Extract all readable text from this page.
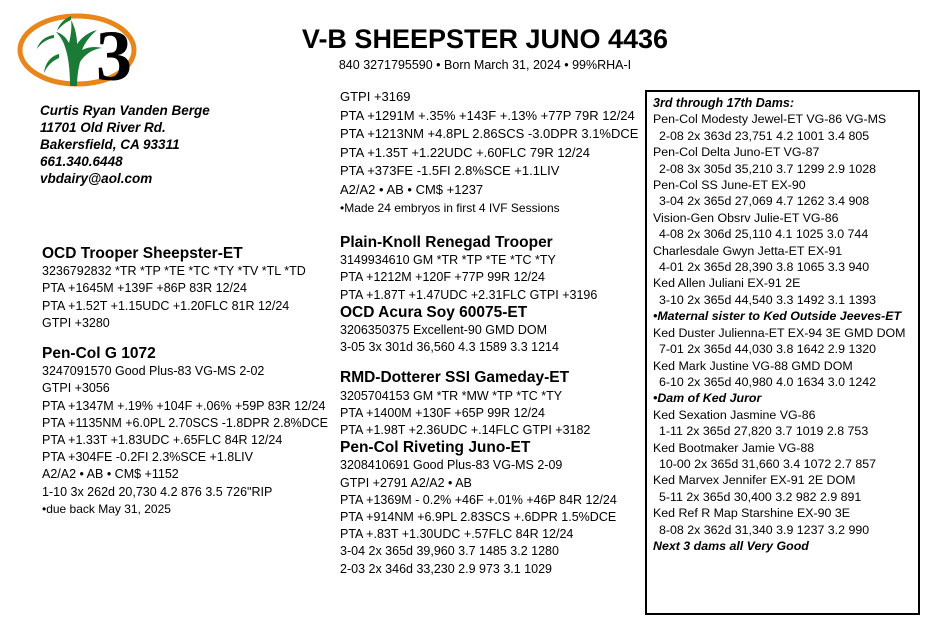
3
Curtis Ryan Vanden Berge
11701 Old River Rd.
Bakersfield, CA 93311
661.340.6448
vbdairy@aol.com
V-B SHEEPSTER JUNO 4436
840 3271795590 • Born March 31, 2024 • 99%RHA-I
GTPI +3169
PTA +1291M +.35% +143F +.13% +77P 79R 12/24
PTA +1213NM +4.8PL 2.86SCS -3.0DPR 3.1%DCE
PTA +1.35T +1.22UDC +.60FLC 79R 12/24
PTA +373FE -1.5FI 2.8%SCE +1.1LIV
A2/A2 • AB • CM$ +1237
•Made 24 embryos in first 4 IVF Sessions
OCD Trooper Sheepster-ET
3236792832 *TR *TP *TE *TC *TY *TV *TL *TD
PTA +1645M +139F +86P 83R 12/24
PTA +1.52T +1.15UDC +1.20FLC 81R 12/24
GTPI +3280
Pen-Col G 1072
3247091570 Good Plus-83 VG-MS 2-02
GTPI +3056
PTA +1347M +.19% +104F +.06% +59P 83R 12/24
PTA +1135NM +6.0PL 2.70SCS -1.8DPR 2.8%DCE
PTA +1.33T +1.83UDC +.65FLC 84R 12/24
PTA +304FE -0.2FI 2.3%SCE +1.8LIV
A2/A2 • AB • CM$ +1152
1-10 3x 262d 20,730 4.2 876 3.5 726"RIP
•due back May 31, 2025
Plain-Knoll Renegad Trooper
3149934610 GM *TR *TP *TE *TC *TY
PTA +1212M +120F +77P 99R 12/24
PTA +1.87T +1.47UDC +2.31FLC GTPI +3196
OCD Acura Soy 60075-ET
3206350375 Excellent-90 GMD DOM
3-05 3x 301d 36,560 4.3 1589 3.3 1214
RMD-Dotterer SSI Gameday-ET
3205704153 GM *TR *MW *TP *TC *TY
PTA +1400M +130F +65P 99R 12/24
PTA +1.98T +2.36UDC +.14FLC GTPI +3182
Pen-Col Riveting Juno-ET
3208410691 Good Plus-83 VG-MS 2-09
GTPI +2791 A2/A2 • AB
PTA +1369M - 0.2% +46F +.01% +46P 84R 12/24
PTA +914NM +6.9PL 2.83SCS +.6DPR 1.5%DCE
PTA +.83T +1.30UDC +.57FLC 84R 12/24
3-04 2x 365d 39,960 3.7 1485 3.2 1280
2-03 2x 346d 33,230 2.9 973 3.1 1029
3rd through 17th Dams:
Pen-Col Modesty Jewel-ET VG-86 VG-MS
2-08 2x 363d 23,751 4.2 1001 3.4 805
Pen-Col Delta Juno-ET VG-87
2-08 3x 305d 35,210 3.7 1299 2.9 1028
Pen-Col SS June-ET EX-90
3-04 2x 365d 27,069 4.7 1262 3.4 908
Vision-Gen Obsrv Julie-ET VG-86
4-08 2x 306d 25,110 4.1 1025 3.0 744
Charlesdale Gwyn Jetta-ET EX-91
4-01 2x 365d 28,390 3.8 1065 3.3 940
Ked Allen Juliani EX-91 2E
3-10 2x 365d 44,540 3.3 1492 3.1 1393
•Maternal sister to Ked Outside Jeeves-ET
Ked Duster Julienna-ET EX-94 3E GMD DOM
7-01 2x 365d 44,030 3.8 1642 2.9 1320
Ked Mark Justine VG-88 GMD DOM
6-10 2x 365d 40,980 4.0 1634 3.0 1242
•Dam of Ked Juror
Ked Sexation Jasmine VG-86
1-11 2x 365d 27,820 3.7 1019 2.8 753
Ked Bootmaker Jamie VG-88
10-00 2x 365d 31,660 3.4 1072 2.7 857
Ked Marvex Jennifer EX-91 2E DOM
5-11 2x 365d 30,400 3.2 982 2.9 891
Ked Ref R Map Starshine EX-90 3E
8-08 2x 362d 31,340 3.9 1237 3.2 990
Next 3 dams all Very Good
